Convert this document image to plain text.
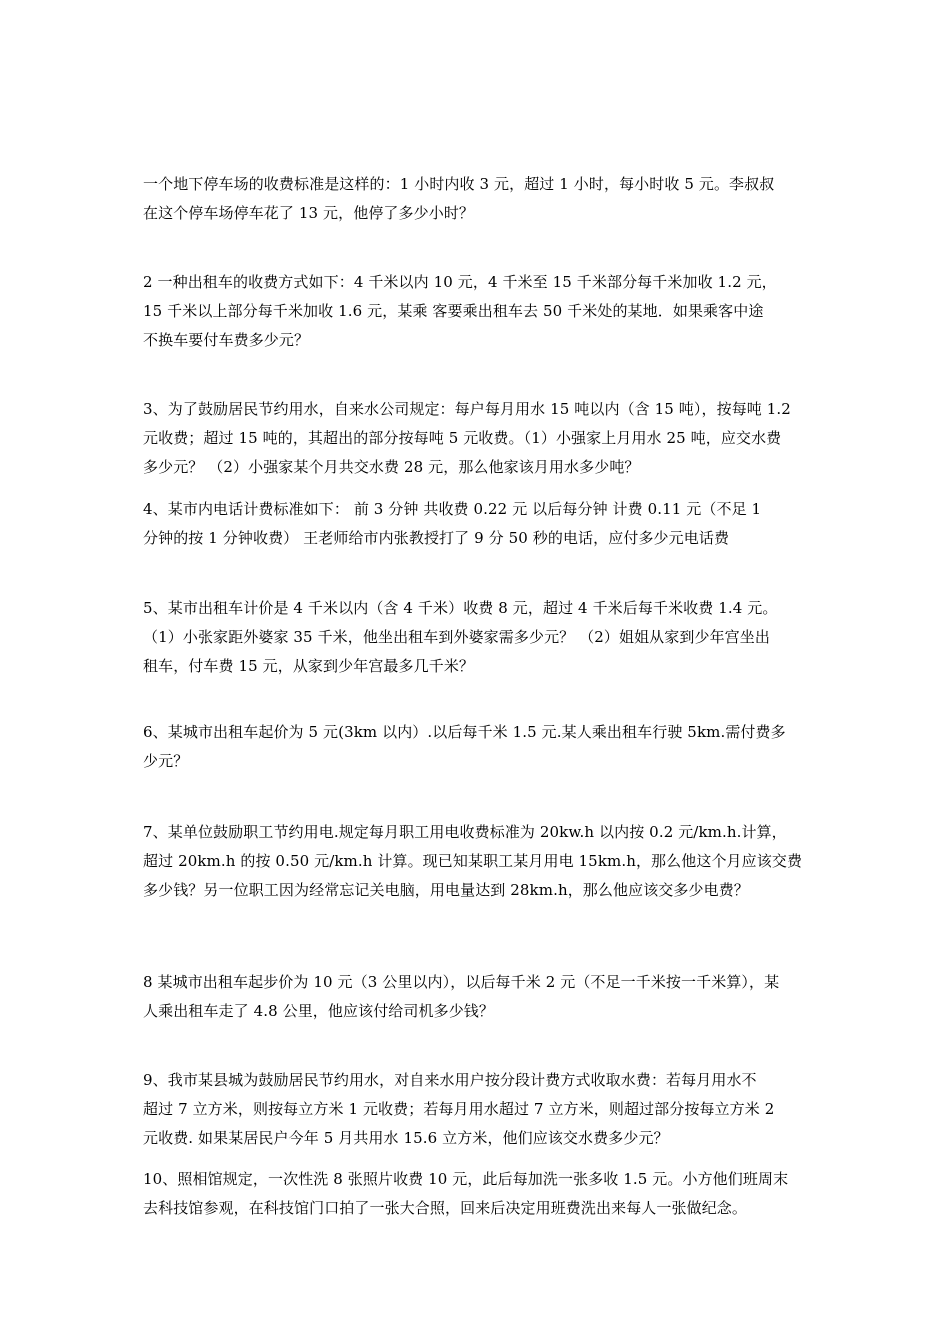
一个地下停车场的收费标准是这样的：1 小时内收 3 元，超过 1 小时，每小时收 5 元。李叔叔
在这个停车场停车花了 13 元，他停了多少小时？
2 一种出租车的收费方式如下：4 千米以内 10 元，4 千米至 15 千米部分每千米加收 1.2 元，
15 千米以上部分每千米加收 1.6 元，某乘 客要乘出租车去 50 千米处的某地．如果乘客中途
不换车要付车费多少元？
3、为了鼓励居民节约用水，自来水公司规定：每户每月用水 15 吨以内（含 15 吨），按每吨 1.2
元收费；超过 15 吨的，其超出的部分按每吨 5 元收费。（1）小强家上月用水 25 吨，应交水费
多少元？ （2）小强家某个月共交水费 28 元，那么他家该月用水多少吨？
4、某市内电话计费标准如下： 前 3 分钟 共收费 0.22 元 以后每分钟 计费 0.11 元（不足 1
分钟的按 1 分钟收费） 王老师给市内张教授打了 9 分 50 秒的电话，应付多少元电话费
5、某市出租车计价是 4 千米以内（含 4 千米）收费 8 元，超过 4 千米后每千米收费 1.4 元。
（1）小张家距外婆家 35 千米，他坐出租车到外婆家需多少元？ （2）姐姐从家到少年宫坐出
租车，付车费 15 元，从家到少年宫最多几千米？
6、某城市出租车起价为 5 元(3km 以内）.以后每千米 1.5 元.某人乘出租车行驶 5km.需付费多
少元？
7、某单位鼓励职工节约用电.规定每月职工用电收费标准为 20kw.h 以内按 0.2 元/km.h.计算，
超过 20km.h 的按 0.50 元/km.h 计算。现已知某职工某月用电 15km.h，那么他这个月应该交费
多少钱？另一位职工因为经常忘记关电脑，用电量达到 28km.h，那么他应该交多少电费？
8 某城市出租车起步价为 10 元（3 公里以内），以后每千米 2 元（不足一千米按一千米算），某
人乘出租车走了 4.8 公里，他应该付给司机多少钱？
9、我市某县城为鼓励居民节约用水，对自来水用户按分段计费方式收取水费：若每月用水不
超过 7 立方米，则按每立方米 1 元收费；若每月用水超过 7 立方米，则超过部分按每立方米 2
元收费. 如果某居民户今年 5 月共用水 15.6 立方米，他们应该交水费多少元？
10、照相馆规定，一次性洗 8 张照片收费 10 元，此后每加洗一张多收 1.5 元。小方他们班周末
去科技馆参观，在科技馆门口拍了一张大合照，回来后决定用班费洗出来每人一张做纪念。
